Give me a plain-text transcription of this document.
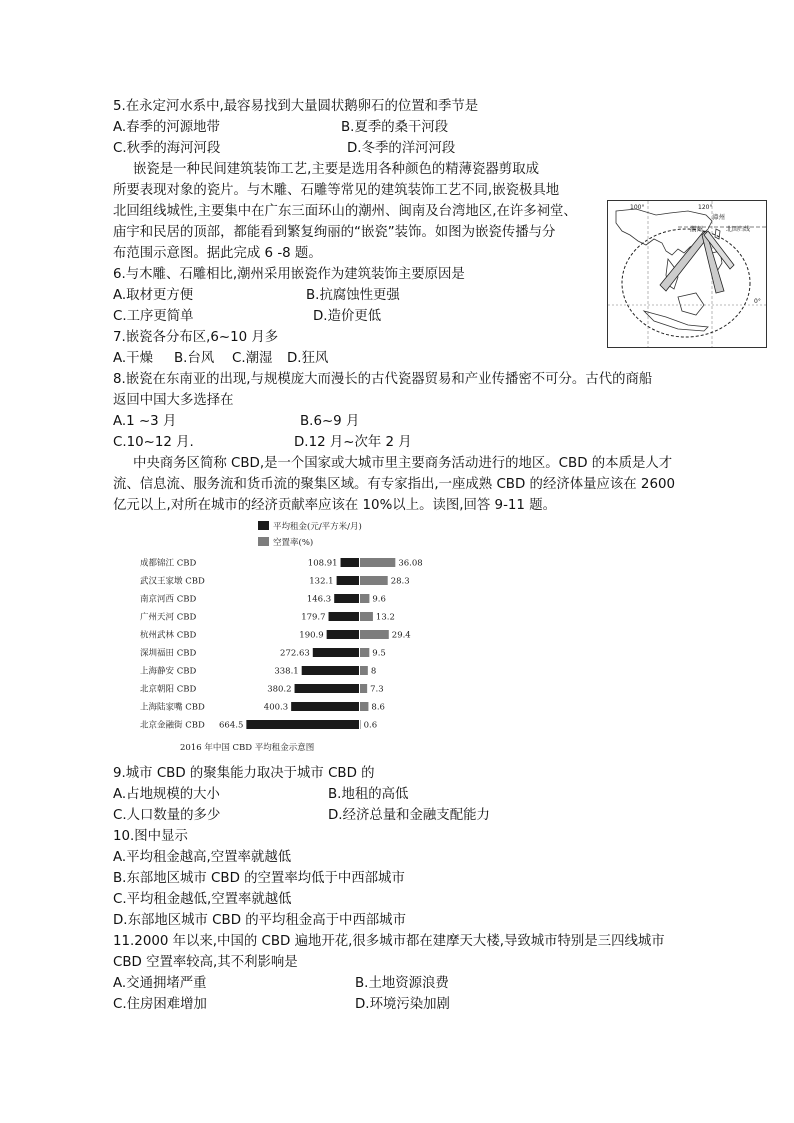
5.在永定河水系中,最容易找到大量圆状鹅卵石的位置和季节是
A.春季的河源地带	B.夏季的桑干河段
C.秋季的海河河段	D.冬季的洋河河段
嵌瓷是一种民间建筑装饰工艺,主要是选用各种颜色的精薄瓷器剪取成
所要表现对象的瓷片。与木雕、石雕等常见的建筑装饰工艺不同,嵌瓷极具地
北回组线城性,主要集中在广东三面环山的潮州、闽南及台湾地区,在许多祠堂、
庙宇和民居的顶部，都能看到繁复绚丽的“嵌瓷”装饰。如图为嵌瓷传播与分
布范围示意图。据此完成 6 -8 题。
100°	120°
漳州
潮州	北回归线
0°
6.与木雕、石雕相比,潮州采用嵌瓷作为建筑装饰主要原因是
A.取材更方便	B.抗腐蚀性更强
C.工序更简单	D.造价更低
7.嵌瓷各分布区,6~10 月多
A.干燥 B.台风 C.潮湿 D.狂风
8.嵌瓷在东南亚的出现,与规模庞大而漫长的古代瓷器贸易和产业传播密不可分。古代的商船
返回中国大多选择在
A.1 ~3 月	B.6~9 月
C.10~12 月.	D.12 月~次年 2 月
中央商务区简称 CBD,是一个国家或大城市里主要商务活动进行的地区。CBD 的本质是人才
流、信息流、服务流和货币流的聚集区域。有专家指出,一座成熟 CBD 的经济体量应该在 2600
亿元以上,对所在城市的经济贡献率应该在 10%以上。读图,回答 9-11 题。
平均租金(元/平方米/月)
空置率(%)
成都锦江 CBD	108.91	36.08
武汉王家墩 CBD	132.1	28.3
南京河西 CBD	146.3	9.6
广州天河 CBD	179.7	13.2
杭州武林 CBD	190.9	29.4
深圳福田 CBD	272.63	9.5
上海静安 CBD	338.1	8
北京朝阳 CBD	380.2	7.3
上海陆家嘴 CBD	400.3	8.6
北京金融街 CBD 664.5	0.6
2016 年中国 CBD 平均租金示意图
9.城市 CBD 的聚集能力取决于城市 CBD 的
A.占地规模的大小	B.地租的高低
C.人口数量的多少	D.经济总量和金融支配能力
10.图中显示
A.平均租金越高,空置率就越低
B.东部地区城市 CBD 的空置率均低于中西部城市
C.平均租金越低,空置率就越低
D.东部地区城市 CBD 的平均租金高于中西部城市
11.2000 年以来,中国的 CBD 遍地开花,很多城市都在建摩天大楼,导致城市特别是三四线城市
CBD 空置率较高,其不利影响是
A.交通拥堵严重	B.土地资源浪费
C.住房困难增加	D.环境污染加剧
